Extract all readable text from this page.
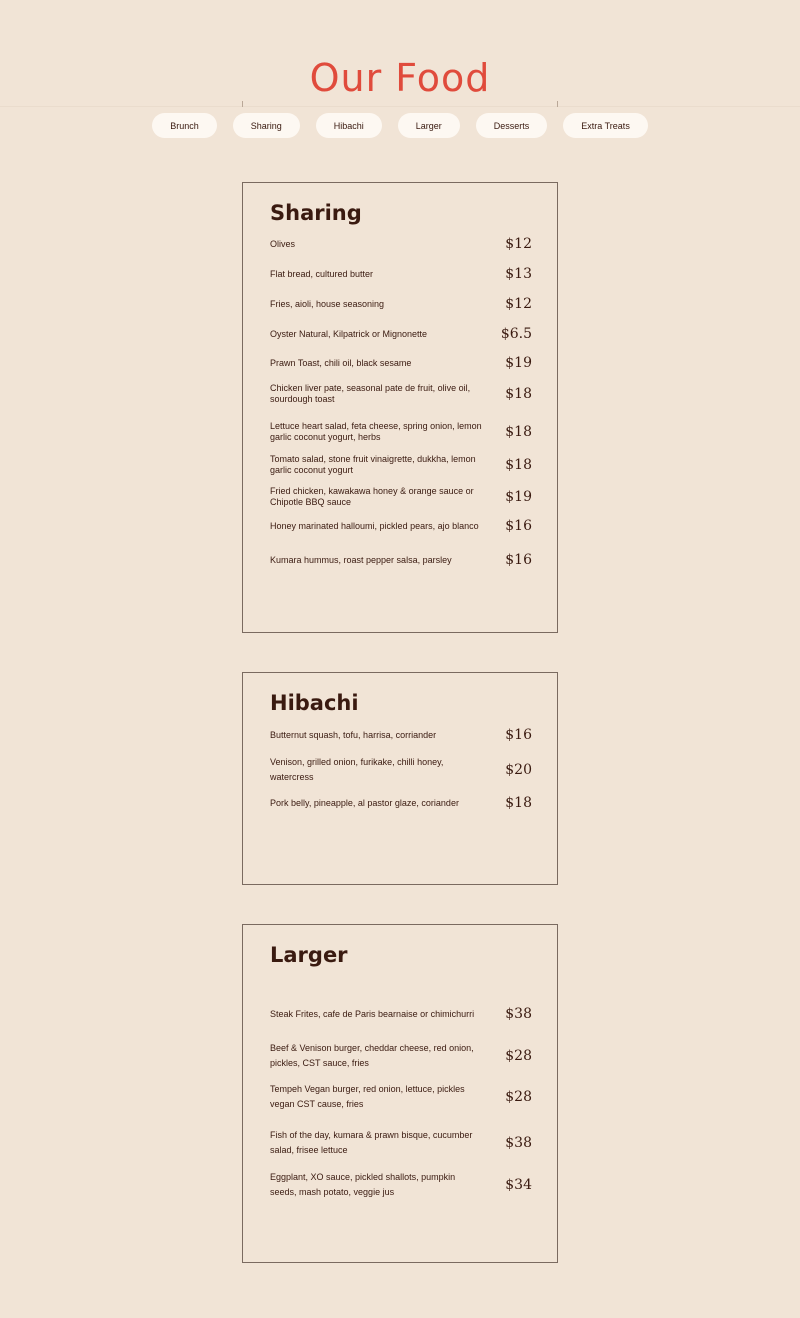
Our Food
Brunch	Sharing	Hibachi	Larger	Desserts	Extra Treats
Sharing
Olives	$12
Flat bread, cultured butter	$13
Fries, aioli, house seasoning	$12
Oyster Natural, Kilpatrick or Mignonette	$6.5
Prawn Toast, chili oil, black sesame	$19
Chicken liver pate, seasonal pate de fruit, olive oil, sourdough toast	$18
Lettuce heart salad, feta cheese, spring onion, lemon garlic coconut yogurt, herbs	$18
Tomato salad, stone fruit vinaigrette, dukkha, lemon garlic coconut yogurt	$18
Fried chicken, kawakawa honey & orange sauce or Chipotle BBQ sauce	$19
Honey marinated halloumi, pickled pears, ajo blanco $16
Kumara hummus, roast pepper salsa, parsley	$16
Hibachi
Butternut squash, tofu, harrisa, corriander	$16
Venison, grilled onion, furikake, chilli honey, watercress	$20
Pork belly, pineapple, al pastor glaze, coriander	$18
Larger
Steak Frites, cafe de Paris bearnaise or chimichurri	$38
Beef & Venison burger, cheddar cheese, red onion, pickles, CST sauce, fries	$28
Tempeh Vegan burger, red onion, lettuce, pickles vegan CST cause, fries	$28
Fish of the day, kumara & prawn bisque, cucumber salad, frisee lettuce	$38
Eggplant, XO sauce, pickled shallots, pumpkin seeds, mash potato, veggie jus	$34
